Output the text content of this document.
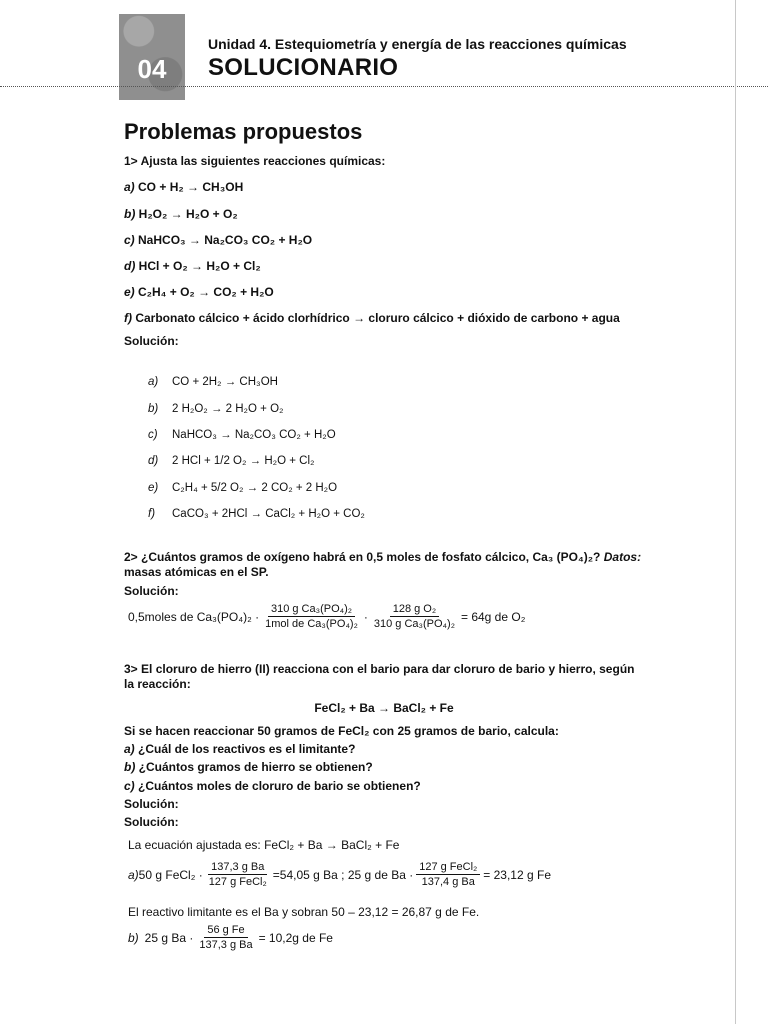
04
Unidad 4. Estequiometría y energía de las reacciones químicas
SOLUCIONARIO
Problemas propuestos
1> Ajusta las siguientes reacciones químicas:
a) CO + H₂ → CH₃OH
b) H₂O₂ → H₂O + O₂
c) NaHCO₃ → Na₂CO₃ CO₂ + H₂O
d) HCl + O₂ → H₂O + Cl₂
e) C₂H₄ + O₂ → CO₂ + H₂O
f) Carbonato cálcico + ácido clorhídrico → cloruro cálcico + dióxido de carbono + agua
Solución:
a) CO + 2H₂ → CH₃OH
b) 2 H₂O₂ → 2 H₂O + O₂
c) NaHCO₃ → Na₂CO₃ CO₂ + H₂O
d) 2 HCl + 1/2 O₂ → H₂O + Cl₂
e) C₂H₄ + 5/2 O₂ → 2 CO₂ + 2 H₂O
f) CaCO₃ + 2HCl → CaCl₂ + H₂O + CO₂
2> ¿Cuántos gramos de oxígeno habrá en 0,5 moles de fosfato cálcico, Ca₃ (PO₄)₂? Datos:
masas atómicas en el SP.
Solución:
0,5moles de $Ca_3(PO_4)_2 \cdot \frac{\text{310 g Ca₃(PO₄)₂}}{\text{1mol de Ca₃(PO₄)₂}} \cdot \frac{\text{128 g O₂}}{\text{310 g Ca₃(PO₄)₂}} = 64g$ de O₂
3> El cloruro de hierro (II) reacciona con el bario para dar cloruro de bario y hierro, según
la reacción:
FeCl₂ + Ba → BaCl₂ + Fe
Si se hacen reaccionar 50 gramos de FeCl₂ con 25 gramos de bario, calcula:
a) ¿Cuál de los reactivos es el limitante?
b) ¿Cuántos gramos de hierro se obtienen?
c) ¿Cuántos moles de cloruro de bario se obtienen?
Solución:
Solución:
La ecuación ajustada es: FeCl₂ + Ba → BaCl₂ + Fe
a) 50 g FeCl₂ · $\frac{\text{137,3 g Ba}}{\text{127 g FeCl₂}} =54,05$ g Ba ; 25 g de $Ba \cdot \frac{\text{127 g FeCl₂}}{\text{137,4 g Ba}} = 23,12$ g Fe
El reactivo limitante es el Ba y sobran 50 – 23,12 = 26,87 g de Fe.
b) 25 g $Ba \cdot \frac{\text{56 g Fe}}{\text{137,3 g Ba}} = 10,2g$ de Fe
